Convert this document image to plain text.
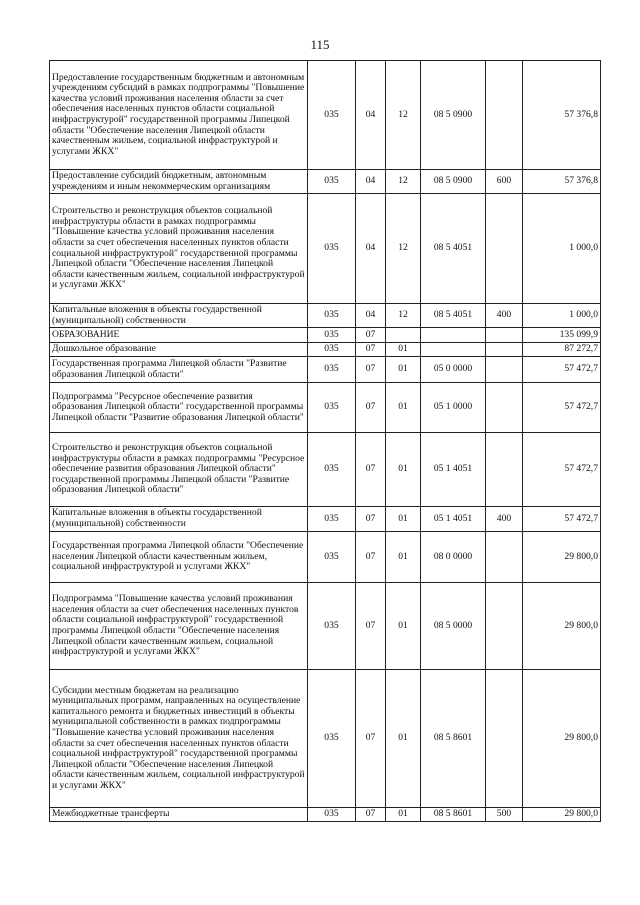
115
Предоставление государственным бюджетным и автономным учреждениям субсидий в рамках подпрограммы "Повышение качества условий проживания населения области за счет обеспечения населенных пунктов области социальной инфраструктурой" государственной программы Липецкой области "Обеспечение населения Липецкой области качественным жильем, социальной инфраструктурой и услугами ЖКХ"	035	04	12	08 5 0900		57 376,8
Предоставление субсидий бюджетным, автономным учреждениям и иным некоммерческим организациям	035	04	12	08 5 0900	600	57 376,8
Строительство и реконструкция объектов социальной инфраструктуры области в рамках подпрограммы "Повышение качества условий проживания населения области за счет обеспечения населенных пунктов области социальной инфраструктурой" государственной программы Липецкой области "Обеспечение населения Липецкой области качественным жильем, социальной инфраструктурой и услугами ЖКХ"	035	04	12	08 5 4051		1 000,0
Капитальные вложения в объекты государственной (муниципальной) собственности	035	04	12	08 5 4051	400	1 000,0
ОБРАЗОВАНИЕ	035	07				135 099,9
Дошкольное образование	035	07	01			87 272,7
Государственная программа Липецкой области "Развитие образования Липецкой области"	035	07	01	05 0 0000		57 472,7
Подпрограмма "Ресурсное обеспечение развития образования Липецкой области" государственной программы Липецкой области "Развитие образования Липецкой области"	035	07	01	05 1 0000		57 472,7
Строительство и реконструкция объектов социальной инфраструктуры области в рамках подпрограммы "Ресурсное обеспечение развития образования Липецкой области" государственной программы Липецкой области "Развитие образования Липецкой области"	035	07	01	05 1 4051		57 472,7
Капитальные вложения в объекты государственной (муниципальной) собственности	035	07	01	05 1 4051	400	57 472,7
Государственная программа Липецкой области "Обеспечение населения Липецкой области качественным жильем, социальной инфраструктурой и услугами ЖКХ"	035	07	01	08 0 0000		29 800,0
Подпрограмма "Повышение качества условий проживания населения области за счет обеспечения населенных пунктов области социальной инфраструктурой" государственной программы Липецкой области "Обеспечение населения Липецкой области качественным жильем, социальной инфраструктурой и услугами ЖКХ"	035	07	01	08 5 0000		29 800,0
Субсидии местным бюджетам на реализацию муниципальных программ, направленных на осуществление капитального ремонта и бюджетных инвестиций в объекты муниципальной собственности в рамках подпрограммы "Повышение качества условий проживания населения области за счет обеспечения населенных пунктов области социальной инфраструктурой" государственной программы Липецкой области "Обеспечение населения Липецкой области качественным жильем, социальной инфраструктурой и услугами ЖКХ"	035	07	01	08 5 8601		29 800,0
Межбюджетные трансферты	035	07	01	08 5 8601	500	29 800,0
